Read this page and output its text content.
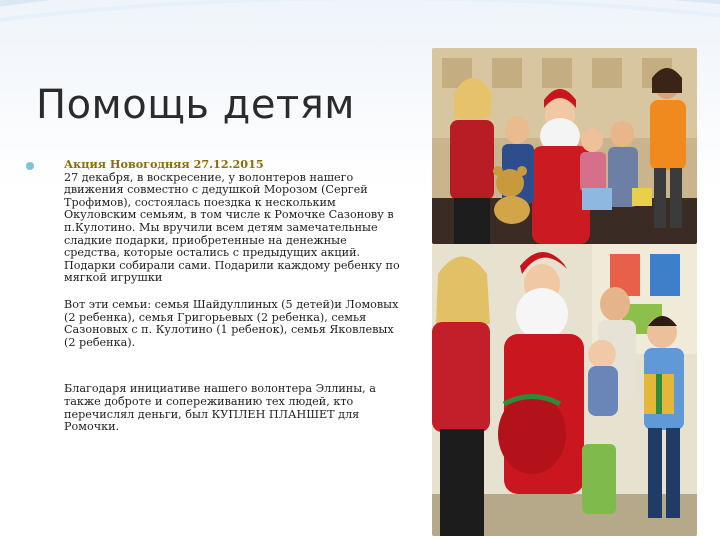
Помощь детям

Акция Новогодняя 27.12.2015
27 декабря, в воскресение, у волонтеров нашего движения совместно с дедушкой Морозом (Сергей Трофимов), состоялась поездка к нескольким Окуловским семьям, в том числе к Ромочке Сазонову в п.Кулотино. Мы вручили всем детям замечательные сладкие подарки, приобретенные на денежные средства, которые остались с предыдущих акций. Подарки собирали сами. Подарили каждому ребенку по мягкой игрушки

Вот эти семьи: семья Шайдуллиных (5 детей)и Ломовых (2 ребенка), семья Григорьевых (2 ребенка), семья Сазоновых с п. Кулотино (1 ребенок), семья Яковлевых (2 ребенка).

Благодаря инициативе нашего волонтера Эллины, а также доброте и сопереживанию тех людей, кто перечислял деньги, был КУПЛЕН ПЛАНШЕТ для Ромочки.
